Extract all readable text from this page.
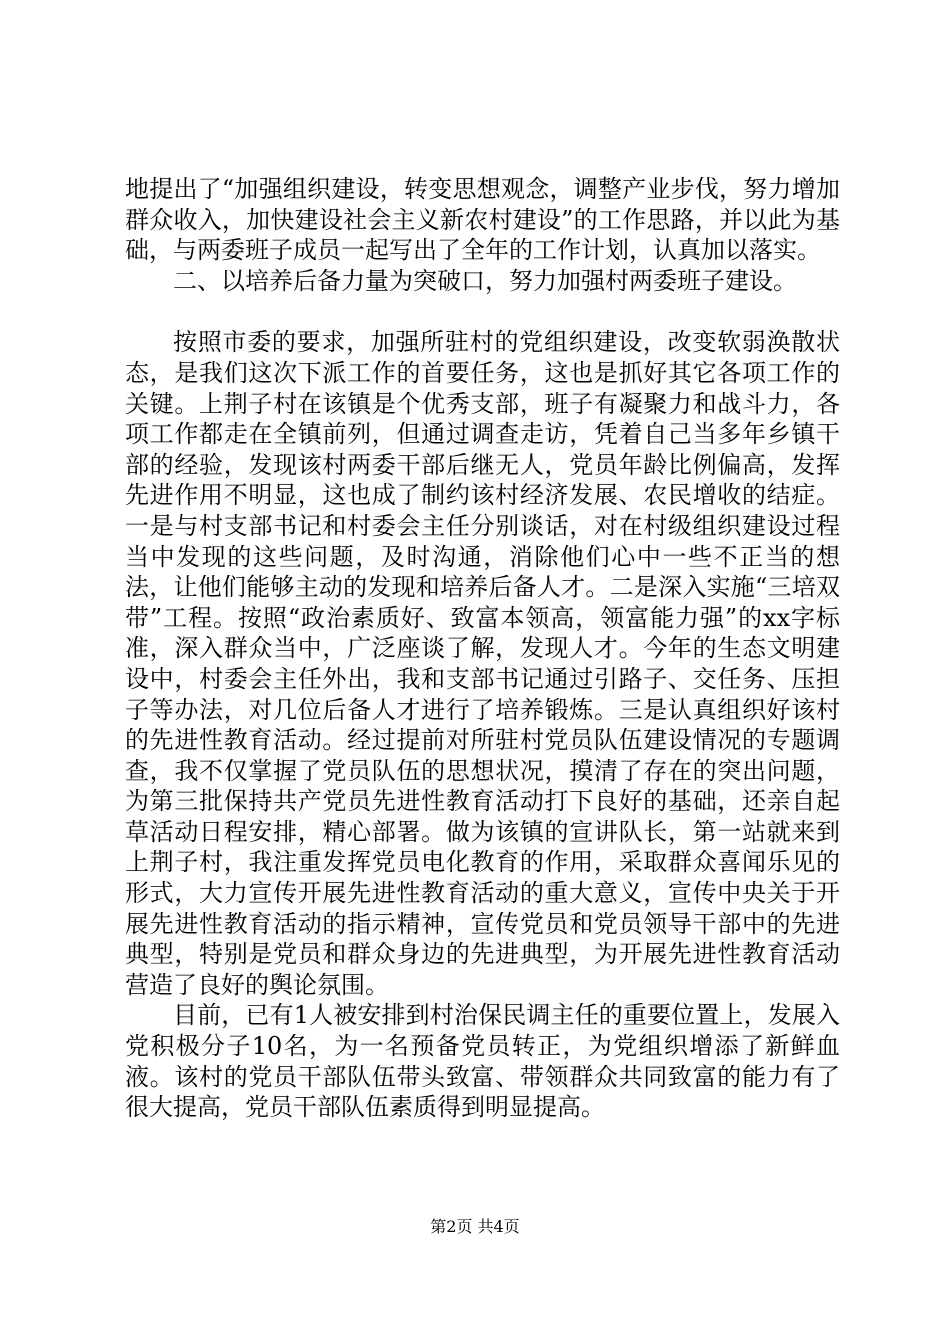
地提出了“加强组织建设，转变思想观念，调整产业步伐，努力增加群众收入，加快建设社会主义新农村建设”的工作思路，并以此为基础，与两委班子成员一起写出了全年的工作计划，认真加以落实。

二、以培养后备力量为突破口，努力加强村两委班子建设。

按照市委的要求，加强所驻村的党组织建设，改变软弱涣散状态，是我们这次下派工作的首要任务，这也是抓好其它各项工作的关键。上荆子村在该镇是个优秀支部，班子有凝聚力和战斗力，各项工作都走在全镇前列，但通过调查走访，凭着自己当多年乡镇干部的经验，发现该村两委干部后继无人，党员年龄比例偏高，发挥先进作用不明显，这也成了制约该村经济发展、农民增收的结症。一是与村支部书记和村委会主任分别谈话，对在村级组织建设过程当中发现的这些问题，及时沟通，消除他们心中一些不正当的想法，让他们能够主动的发现和培养后备人才。二是深入实施“三培双带”工程。按照“政治素质好、致富本领高，领富能力强”的xx字标准，深入群众当中，广泛座谈了解，发现人才。今年的生态文明建设中，村委会主任外出，我和支部书记通过引路子、交任务、压担子等办法，对几位后备人才进行了培养锻炼。三是认真组织好该村的先进性教育活动。经过提前对所驻村党员队伍建设情况的专题调查，我不仅掌握了党员队伍的思想状况，摸清了存在的突出问题，为第三批保持共产党员先进性教育活动打下良好的基础，还亲自起草活动日程安排，精心部署。做为该镇的宣讲队长，第一站就来到上荆子村，我注重发挥党员电化教育的作用，采取群众喜闻乐见的形式，大力宣传开展先进性教育活动的重大意义，宣传中央关于开展先进性教育活动的指示精神，宣传党员和党员领导干部中的先进典型，特别是党员和群众身边的先进典型，为开展先进性教育活动营造了良好的舆论氛围。

目前，已有1人被安排到村治保民调主任的重要位置上，发展入党积极分子10名，为一名预备党员转正，为党组织增添了新鲜血液。该村的党员干部队伍带头致富、带领群众共同致富的能力有了很大提高，党员干部队伍素质得到明显提高。

第2页 共4页
